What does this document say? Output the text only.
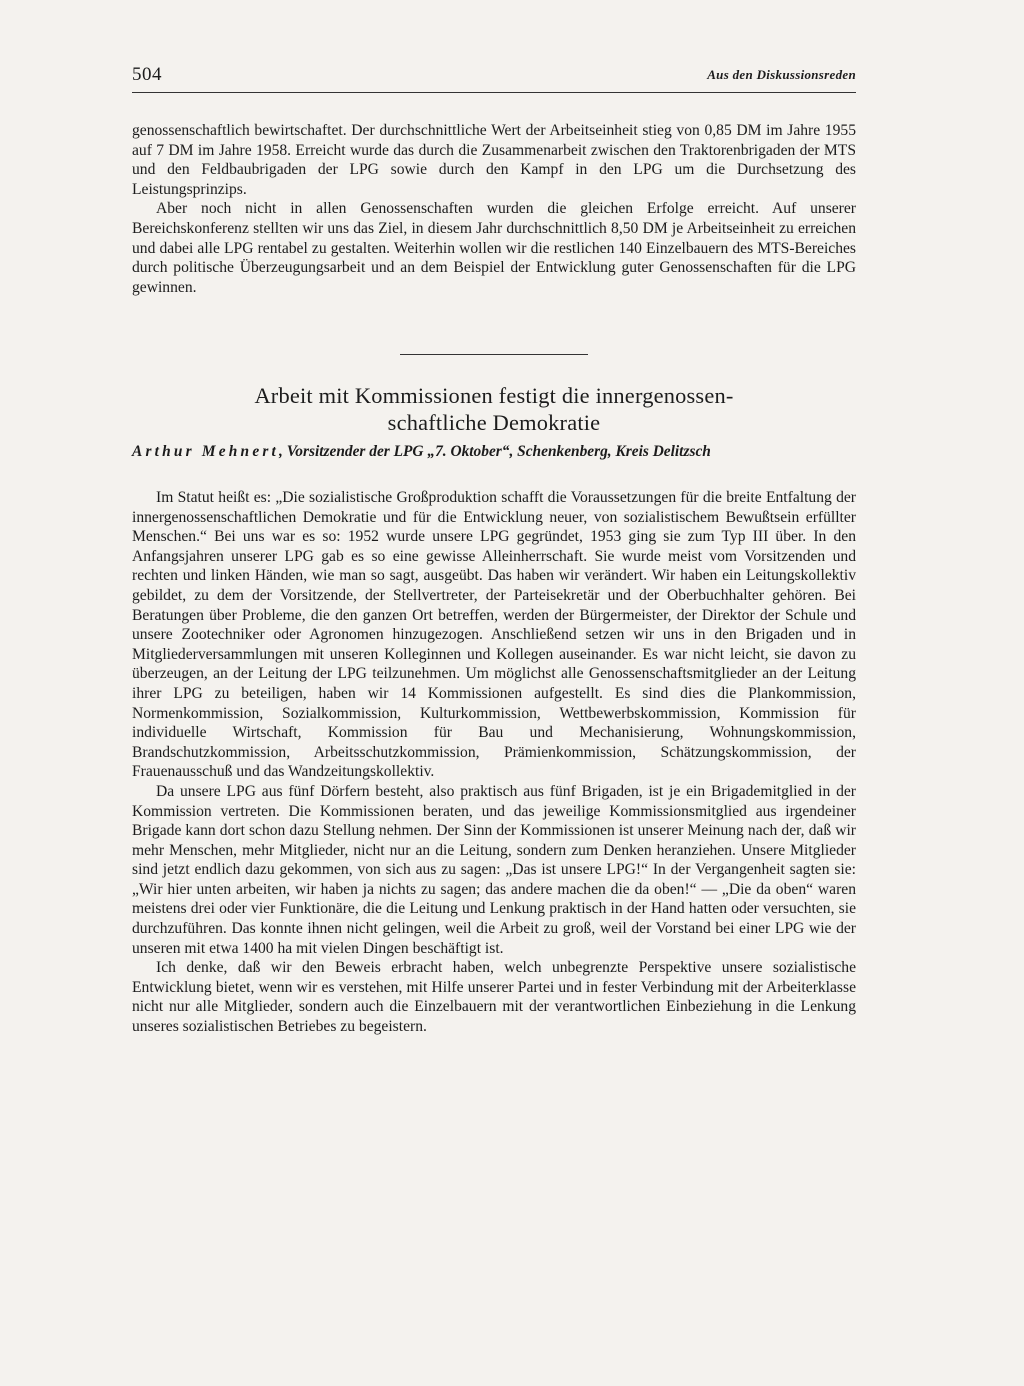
504	Aus den Diskussionsreden

genossenschaftlich bewirtschaftet. Der durchschnittliche Wert der Arbeitseinheit stieg von 0,85 DM im Jahre 1955 auf 7 DM im Jahre 1958. Erreicht wurde das durch die Zusammenarbeit zwischen den Traktorenbrigaden der MTS und den Feldbaubrigaden der LPG sowie durch den Kampf in den LPG um die Durchsetzung des Leistungsprinzips.

Aber noch nicht in allen Genossenschaften wurden die gleichen Erfolge erreicht. Auf unserer Bereichskonferenz stellten wir uns das Ziel, in diesem Jahr durchschnittlich 8,50 DM je Arbeitseinheit zu erreichen und dabei alle LPG rentabel zu gestalten. Weiterhin wollen wir die restlichen 140 Einzelbauern des MTS-Bereiches durch politische Überzeugungsarbeit und an dem Beispiel der Entwicklung guter Genossenschaften für die LPG gewinnen.

Arbeit mit Kommissionen festigt die innergenossen-
schaftliche Demokratie
Arthur Mehnert, Vorsitzender der LPG „7. Oktober“, Schenkenberg, Kreis Delitzsch

Im Statut heißt es: „Die sozialistische Großproduktion schafft die Voraussetzungen für die breite Entfaltung der innergenossenschaftlichen Demokratie und für die Entwicklung neuer, von sozialistischem Bewußtsein erfüllter Menschen.“ Bei uns war es so: 1952 wurde unsere LPG gegründet, 1953 ging sie zum Typ III über. In den Anfangsjahren unserer LPG gab es so eine gewisse Alleinherrschaft. Sie wurde meist vom Vorsitzenden und rechten und linken Händen, wie man so sagt, ausgeübt. Das haben wir verändert. Wir haben ein Leitungskollektiv gebildet, zu dem der Vorsitzende, der Stellvertreter, der Parteisekretär und der Oberbuchhalter gehören. Bei Beratungen über Probleme, die den ganzen Ort betreffen, werden der Bürgermeister, der Direktor der Schule und unsere Zootechniker oder Agronomen hinzugezogen. Anschließend setzen wir uns in den Brigaden und in Mitgliederversammlungen mit unseren Kolleginnen und Kollegen auseinander. Es war nicht leicht, sie davon zu überzeugen, an der Leitung der LPG teilzunehmen. Um möglichst alle Genossenschaftsmitglieder an der Leitung ihrer LPG zu beteiligen, haben wir 14 Kommissionen aufgestellt. Es sind dies die Plankommission, Normenkommission, Sozialkommission, Kulturkommission, Wettbewerbskommission, Kommission für individuelle Wirtschaft, Kommission für Bau und Mechanisierung, Wohnungskommission, Brandschutzkommission, Arbeitsschutzkommission, Prämienkommission, Schätzungskommission, der Frauenausschuß und das Wandzeitungskollektiv.

Da unsere LPG aus fünf Dörfern besteht, also praktisch aus fünf Brigaden, ist je ein Brigademitglied in der Kommission vertreten. Die Kommissionen beraten, und das jeweilige Kommissionsmitglied aus irgendeiner Brigade kann dort schon dazu Stellung nehmen. Der Sinn der Kommissionen ist unserer Meinung nach der, daß wir mehr Menschen, mehr Mitglieder, nicht nur an die Leitung, sondern zum Denken heranziehen. Unsere Mitglieder sind jetzt endlich dazu gekommen, von sich aus zu sagen: „Das ist unsere LPG!“ In der Vergangenheit sagten sie: „Wir hier unten arbeiten, wir haben ja nichts zu sagen; das andere machen die da oben!“ — „Die da oben“ waren meistens drei oder vier Funktionäre, die die Leitung und Lenkung praktisch in der Hand hatten oder versuchten, sie durchzuführen. Das konnte ihnen nicht gelingen, weil die Arbeit zu groß, weil der Vorstand bei einer LPG wie der unseren mit etwa 1400 ha mit vielen Dingen beschäftigt ist.

Ich denke, daß wir den Beweis erbracht haben, welch unbegrenzte Perspektive unsere sozialistische Entwicklung bietet, wenn wir es verstehen, mit Hilfe unserer Partei und in fester Verbindung mit der Arbeiterklasse nicht nur alle Mitglieder, sondern auch die Einzelbauern mit der verantwortlichen Einbeziehung in die Lenkung unseres sozialistischen Betriebes zu begeistern.
